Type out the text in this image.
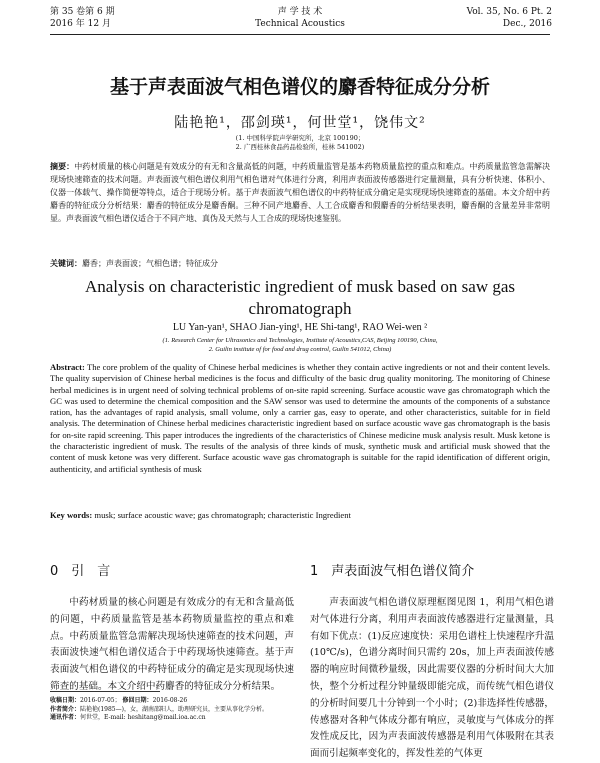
第 35 卷第 6 期
2016 年 12 月
声 学 技 术
Technical Acoustics
Vol. 35, No. 6 Pt. 2
Dec., 2016
基于声表面波气相色谱仪的麝香特征成分分析
陆艳艳¹，邵剑瑛¹，何世堂¹，饶伟文²
(1. 中国科学院声学研究所，北京 100190；
2. 广西桂林食品药品检验所，桂林 541002)
摘要：中药材质量的核心问题是有效成分的有无和含量高低的问题，中药质量监管是基本药物质量监控的重点和难点。中药质量监管急需解决现场快速筛查的技术问题。声表面波气相色谱仪利用气相色谱对气体进行分离，利用声表面波传感器进行定量测量，具有分析快速、体积小、仪器一体载气、操作简便等特点，适合于现场分析。基于声表面波气相色谱仪的中药特征成分确定是实现现场快速筛查的基础。本文介绍中药麝香的特征成分分析结果：麝香的特征成分是麝香酮。三种不同产地麝香、人工合成麝香和假麝香的分析结果表明，麝香酮的含量差异非常明显。声表面波气相色谱仪适合于不同产地、真伪及天然与人工合成的现场快速鉴别。
关键词：麝香；声表面波；气相色谱；特征成分
Analysis on characteristic ingredient of musk based on saw gas chromatograph
LU Yan-yan¹, SHAO Jian-ying¹, HE Shi-tang¹, RAO Wei-wen ²
(1. Research Center for Ultrasonics and Technologies, Institute of Acoustics,CAS, Beijing 100190, China,
2. Guilin institute of for food and drug control, Guilin 541012, China)
Abstract: The core problem of the quality of Chinese herbal medicines is whether they contain active ingredients or not and their content levels. The quality supervision of Chinese herbal medicines is the focus and difficulty of the basic drug quality monitoring. The monitoring of Chinese herbal medicines is in urgent need of solving technical problems of on-site rapid screening. Surface acoustic wave gas chromatograph which the GC was used to determine the chemical composition and the SAW sensor was used to determine the amounts of the components of a substance ration, has the advantages of rapid analysis, small volume, only a carrier gas, easy to operate, and other characteristics, suitable for in field analysis. The determination of Chinese herbal medicines characteristic ingredient based on surface acoustic wave gas chromatograph is the basis for on-site rapid screening. This paper introduces the ingredients of the characteristics of Chinese medicine musk analysis result. Musk ketone is the characteristic ingredient of musk. The results of the analysis of three kinds of musk, synthetic musk and artificial musk showed that the content of musk ketone was very different. Surface acoustic wave gas chromatograph is suitable for the rapid identification of different origin, authenticity, and artificial synthesis of musk
Key words: musk; surface acoustic wave; gas chromatograph; characteristic Ingredient
0　引　言	1　声表面波气相色谱仪简介
中药材质量的核心问题是有效成分的有无和含量高低的问题，中药质量监管是基本药物质量监控的重点和难点。中药质量监管急需解决现场快速筛查的技术问题，声表面波快速气相色谱仪适合于中药现场快速筛查。基于声表面波气相色谱仪的中药特征成分的确定是实现现场快速筛查的基础。本文介绍中药麝香的特征成分分析结果。
声表面波气相色谱仪原理框图见图 1，利用气相色谱对气体进行分离，利用声表面波传感器进行定量测量，具有如下优点：(1)反应速度快：采用色谱柱上快速程序升温(10℃/s)，色谱分离时间只需约 20s，加上声表面波传感器的响应时间微秒量级，因此需要仪器的分析时间大大加快，整个分析过程分钟量级即能完成，而传统气相色谱仪的分析时间要几十分钟到一个小时；(2)非选择性传感器，传感器对各种气体成分都有响应，灵敏度与气体成分的挥发性成反比，因为声表面波传感器是利用气体吸附在其表面而引起频率变化的，挥发性差的气体更
收稿日期：2016-07-05； 修回日期：2016-08-26
作者简介：陆艳艳(1985—)，女，湖南邵阳人，助理研究员，主要从事化学分析。
通讯作者：何世堂，E-mail: heshitang@mail.ioa.ac.cn
